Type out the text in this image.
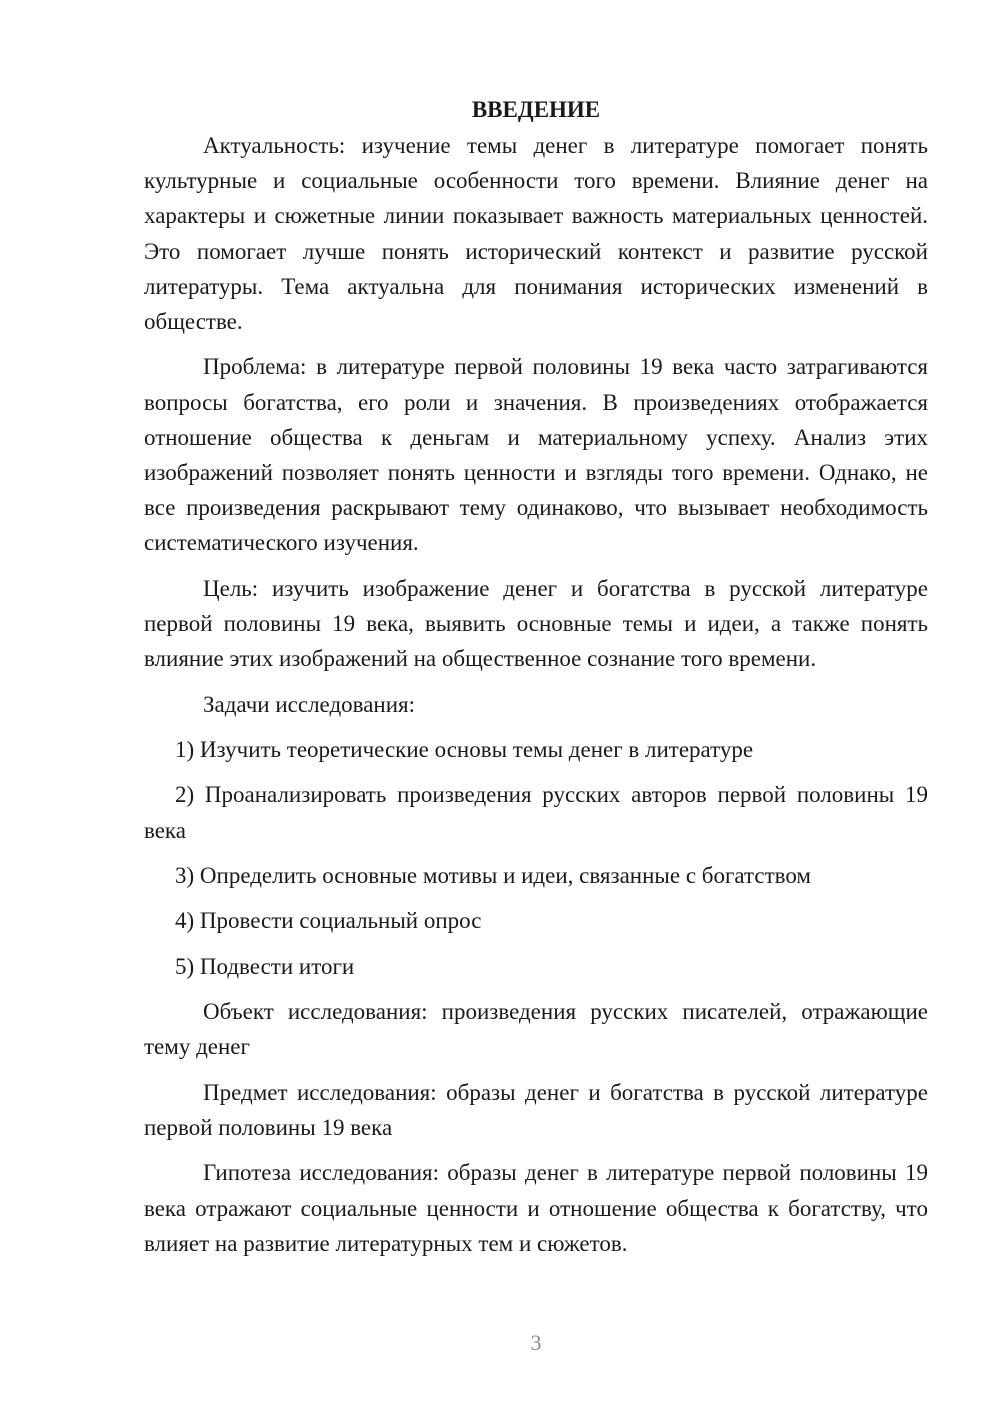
ВВЕДЕНИЕ

Актуальность: изучение темы денег в литературе помогает понять культурные и социальные особенности того времени. Влияние денег на характеры и сюжетные линии показывает важность материальных ценностей. Это помогает лучше понять исторический контекст и развитие русской литературы. Тема актуальна для понимания исторических изменений в обществе.

Проблема: в литературе первой половины 19 века часто затрагиваются вопросы богатства, его роли и значения. В произведениях отображается отношение общества к деньгам и материальному успеху. Анализ этих изображений позволяет понять ценности и взгляды того времени. Однако, не все произведения раскрывают тему одинаково, что вызывает необходимость систематического изучения.

Цель: изучить изображение денег и богатства в русской литературе первой половины 19 века, выявить основные темы и идеи, а также понять влияние этих изображений на общественное сознание того времени.

Задачи исследования:

1) Изучить теоретические основы темы денег в литературе

2) Проанализировать произведения русских авторов первой половины 19 века

3) Определить основные мотивы и идеи, связанные с богатством

4) Провести социальный опрос

5) Подвести итоги

Объект исследования: произведения русских писателей, отражающие тему денег

Предмет исследования: образы денег и богатства в русской литературе первой половины 19 века

Гипотеза исследования: образы денег в литературе первой половины 19 века отражают социальные ценности и отношение общества к богатству, что влияет на развитие литературных тем и сюжетов.

3
